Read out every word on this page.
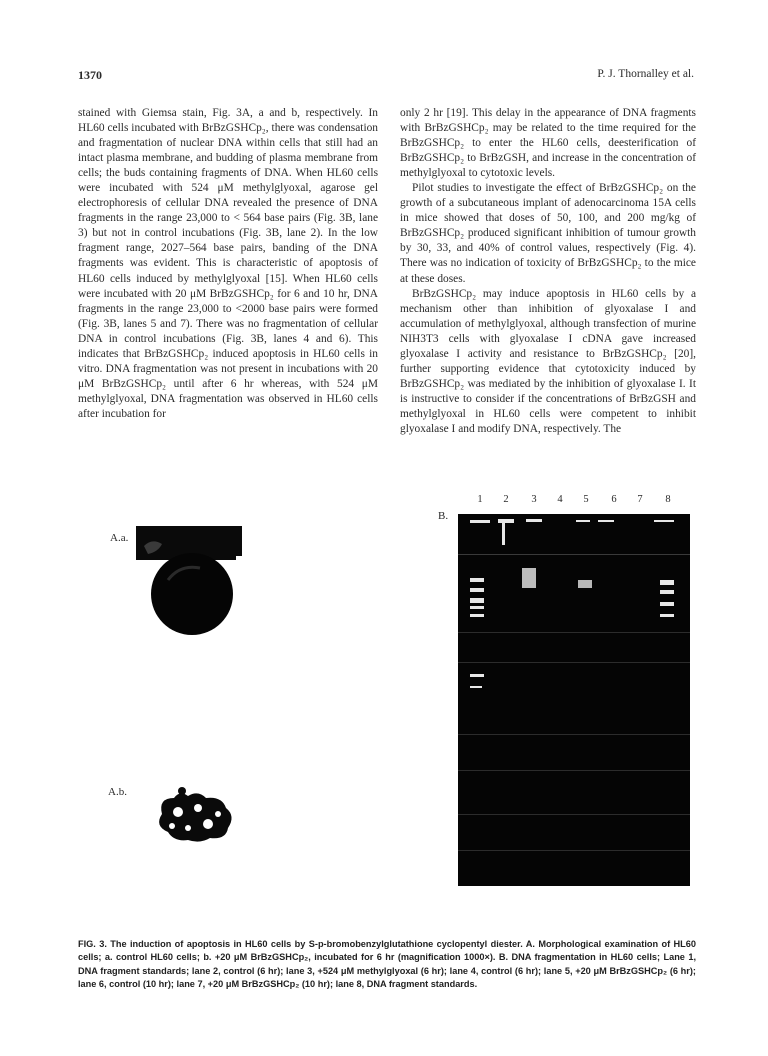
1370	P. J. Thornalley et al.

stained with Giemsa stain, Fig. 3A, a and b, respectively. In HL60 cells incubated with BrBzGSHCp₂, there was condensation and fragmentation of nuclear DNA within cells that still had an intact plasma membrane, and budding of plasma membrane from cells; the buds containing fragments of DNA. When HL60 cells were incubated with 524 μM methylglyoxal, agarose gel electrophoresis of cellular DNA revealed the presence of DNA fragments in the range 23,000 to < 564 base pairs (Fig. 3B, lane 3) but not in control incubations (Fig. 3B, lane 2). In the low fragment range, 2027–564 base pairs, banding of the DNA fragments was evident. This is characteristic of apoptosis of HL60 cells induced by methylglyoxal [15]. When HL60 cells were incubated with 20 μM BrBzGSHCp₂ for 6 and 10 hr, DNA fragments in the range 23,000 to <2000 base pairs were formed (Fig. 3B, lanes 5 and 7). There was no fragmentation of cellular DNA in control incubations (Fig. 3B, lanes 4 and 6). This indicates that BrBzGSHCp₂ induced apoptosis in HL60 cells in vitro. DNA fragmentation was not present in incubations with 20 μM BrBzGSHCp₂ until after 6 hr whereas, with 524 μM methylglyoxal, DNA fragmentation was observed in HL60 cells after incubation for

only 2 hr [19]. This delay in the appearance of DNA fragments with BrBzGSHCp₂ may be related to the time required for the BrBzGSHCp₂ to enter the HL60 cells, deesterification of BrBzGSHCp₂ to BrBzGSH, and increase in the concentration of methylglyoxal to cytotoxic levels.

Pilot studies to investigate the effect of BrBzGSHCp₂ on the growth of a subcutaneous implant of adenocarcinoma 15A cells in mice showed that doses of 50, 100, and 200 mg/kg of BrBzGSHCp₂ produced significant inhibition of tumour growth by 30, 33, and 40% of control values, respectively (Fig. 4). There was no indication of toxicity of BrBzGSHCp₂ to the mice at these doses.

BrBzGSHCp₂ may induce apoptosis in HL60 cells by a mechanism other than inhibition of glyoxalase I and accumulation of methylglyoxal, although transfection of murine NIH3T3 cells with glyoxalase I cDNA gave increased glyoxalase I activity and resistance to BrBzGSHCp₂ [20], further supporting evidence that cytotoxicity induced by BrBzGSHCp₂ was mediated by the inhibition of glyoxalase I. It is instructive to consider if the concentrations of BrBzGSH and methylglyoxal in HL60 cells were competent to inhibit glyoxalase I and modify DNA, respectively. The

A.a.
A.b.
B.
1	2	3	4	5	6	7	8
FIG. 3. The induction of apoptosis in HL60 cells by S-p-bromobenzylglutathione cyclopentyl diester. A. Morphological examination of HL60 cells; a. control HL60 cells; b. +20 μM BrBzGSHCp₂, incubated for 6 hr (magnification 1000×). B. DNA fragmentation in HL60 cells; Lane 1, DNA fragment standards; lane 2, control (6 hr); lane 3, +524 μM methylglyoxal (6 hr); lane 4, control (6 hr); lane 5, +20 μM BrBzGSHCp₂ (6 hr); lane 6, control (10 hr); lane 7, +20 μM BrBzGSHCp₂ (10 hr); lane 8, DNA fragment standards.
